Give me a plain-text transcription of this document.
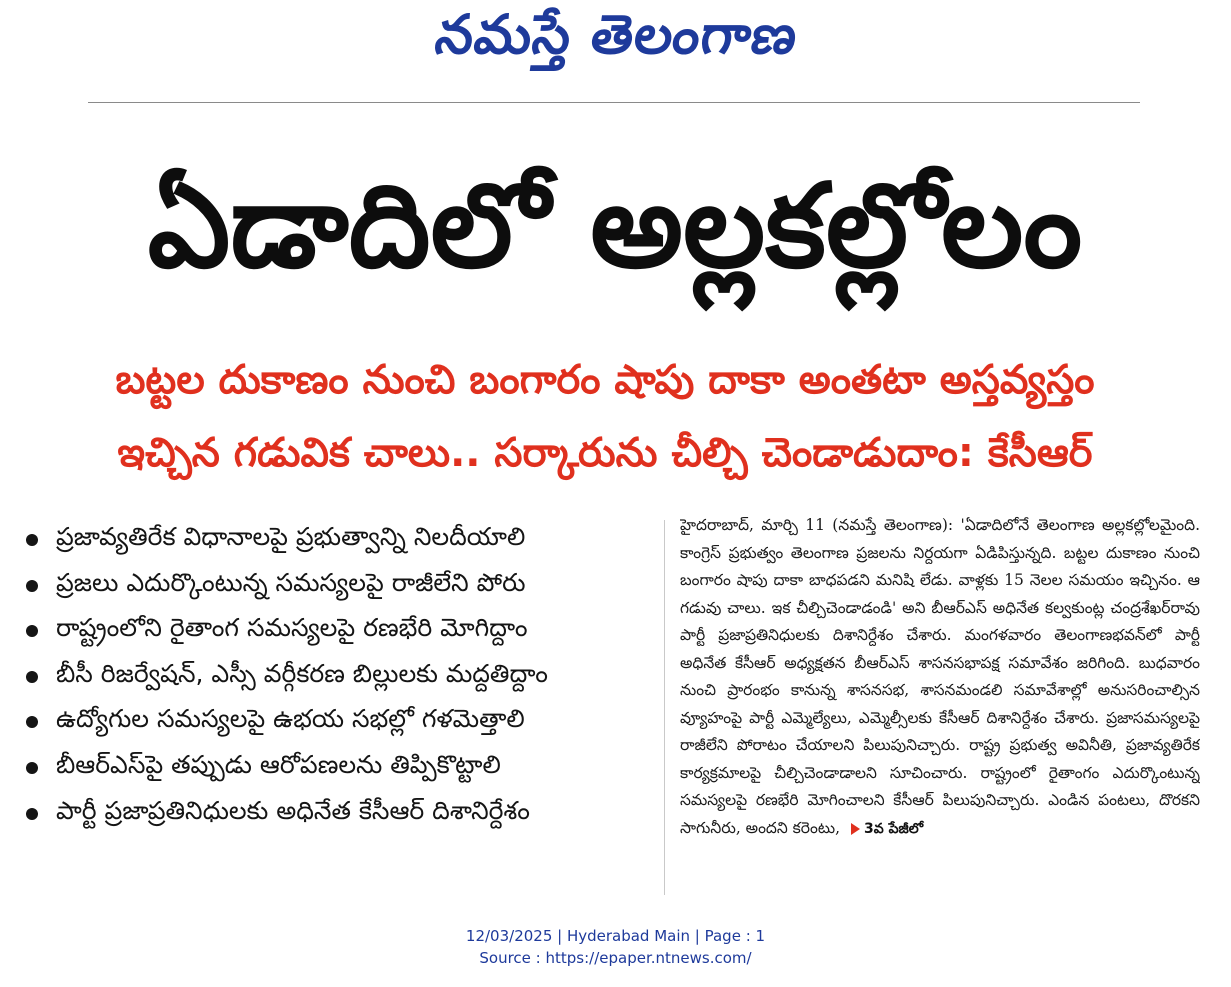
నమస్తే తెలంగాణ
ఏడాదిలో అల్లకల్లోలం
బట్టల దుకాణం నుంచి బంగారం షాపు దాకా అంతటా అస్తవ్యస్తం
ఇచ్చిన గడువిక చాలు.. సర్కారును చీల్చి చెండాడుదాం: కేసీఆర్
ప్రజావ్యతిరేక విధానాలపై ప్రభుత్వాన్ని నిలదీయాలి
ప్రజలు ఎదుర్కొంటున్న సమస్యలపై రాజీలేని పోరు
రాష్ట్రంలోని రైతాంగ సమస్యలపై రణభేరి మోగిద్దాం
బీసీ రిజర్వేషన్, ఎస్సీ వర్గీకరణ బిల్లులకు మద్దతిద్దాం
ఉద్యోగుల సమస్యలపై ఉభయ సభల్లో గళమెత్తాలి
బీఆర్ఎస్‌పై తప్పుడు ఆరోపణలను తిప్పికొట్టాలి
పార్టీ ప్రజాప్రతినిధులకు అధినేత కేసీఆర్ దిశానిర్దేశం
హైదరాబాద్, మార్చి 11 (నమస్తే తెలంగాణ): 'ఏడాదిలోనే తెలంగాణ అల్లకల్లోలమైంది. కాంగ్రెస్ ప్రభుత్వం తెలంగాణ ప్రజలను నిర్దయగా ఏడిపిస్తున్నది. బట్టల దుకాణం నుంచి బంగారం షాపు దాకా బాధపడని మనిషి లేడు. వాళ్లకు 15 నెలల సమయం ఇచ్చినం. ఆ గడువు చాలు. ఇక చీల్చిచెండాడండి' అని బీఆర్ఎస్ అధినేత కల్వకుంట్ల చంద్రశేఖర్‌రావు పార్టీ ప్రజాప్రతినిధులకు దిశానిర్దేశం చేశారు. మంగళవారం తెలంగాణభవన్‌లో పార్టీ అధినేత కేసీఆర్ అధ్యక్షతన బీఆర్ఎస్ శాసనసభాపక్ష సమావేశం జరిగింది. బుధవారం నుంచి ప్రారంభం కానున్న శాసనసభ, శాసనమండలి సమావేశాల్లో అనుసరించాల్సిన వ్యూహంపై పార్టీ ఎమ్మెల్యేలు, ఎమ్మెల్సీలకు కేసీఆర్ దిశానిర్దేశం చేశారు. ప్రజాసమస్యలపై రాజీలేని పోరాటం చేయాలని పిలుపునిచ్చారు. రాష్ట్ర ప్రభుత్వ అవినీతి, ప్రజావ్యతిరేక కార్యక్రమాలపై చీల్చిచెండాడాలని సూచించారు. రాష్ట్రంలో రైతాంగం ఎదుర్కొంటున్న సమస్యలపై రణభేరి మోగించాలని కేసీఆర్ పిలుపునిచ్చారు. ఎండిన పంటలు, దొరకని సాగునీరు, అందని కరెంటు, 3వ పేజీలో
12/03/2025 | Hyderabad Main | Page : 1
Source : https://epaper.ntnews.com/
